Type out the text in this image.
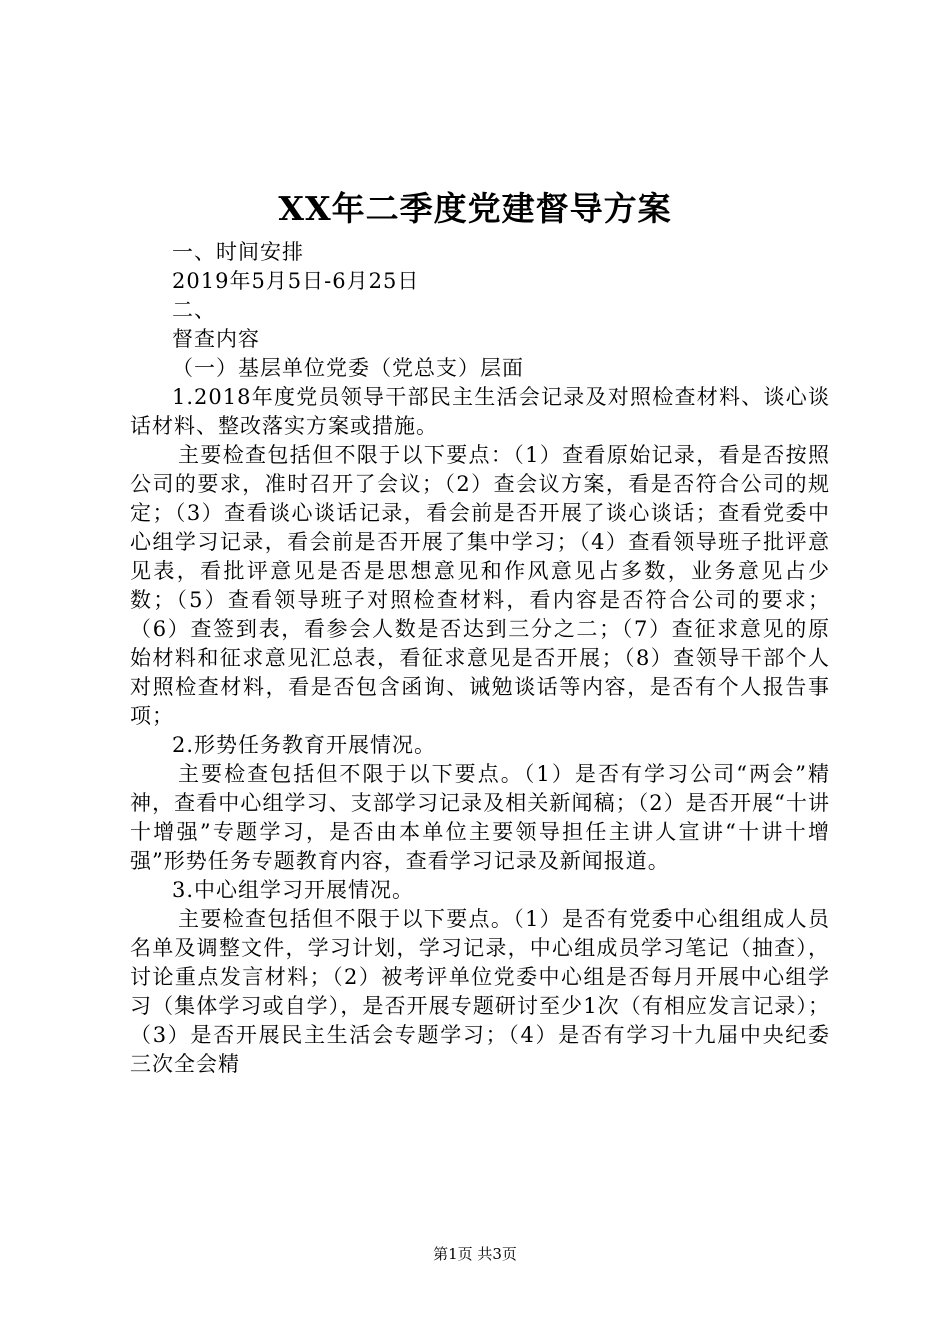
XX年二季度党建督导方案

一、时间安排

2019年5月5日-6月25日

二、

督查内容

（一）基层单位党委（党总支）层面

1.2018年度党员领导干部民主生活会记录及对照检查材料、谈心谈话材料、整改落实方案或措施。

主要检查包括但不限于以下要点：（1）查看原始记录，看是否按照公司的要求，准时召开了会议；（2）查会议方案，看是否符合公司的规定；（3）查看谈心谈话记录，看会前是否开展了谈心谈话；查看党委中心组学习记录，看会前是否开展了集中学习；（4）查看领导班子批评意见表，看批评意见是否是思想意见和作风意见占多数，业务意见占少数；（5）查看领导班子对照检查材料，看内容是否符合公司的要求；（6）查签到表，看参会人数是否达到三分之二；（7）查征求意见的原始材料和征求意见汇总表，看征求意见是否开展；（8）查领导干部个人对照检查材料，看是否包含函询、诫勉谈话等内容，是否有个人报告事项；

2.形势任务教育开展情况。

主要检查包括但不限于以下要点。（1）是否有学习公司“两会”精神，查看中心组学习、支部学习记录及相关新闻稿；（2）是否开展“十讲十增强”专题学习，是否由本单位主要领导担任主讲人宣讲“十讲十增强”形势任务专题教育内容，查看学习记录及新闻报道。

3.中心组学习开展情况。

主要检查包括但不限于以下要点。（1）是否有党委中心组组成人员名单及调整文件，学习计划，学习记录，中心组成员学习笔记（抽查），讨论重点发言材料；（2）被考评单位党委中心组是否每月开展中心组学习（集体学习或自学），是否开展专题研讨至少1次（有相应发言记录）；（3）是否开展民主生活会专题学习；（4）是否有学习十九届中央纪委三次全会精

第1页 共3页
